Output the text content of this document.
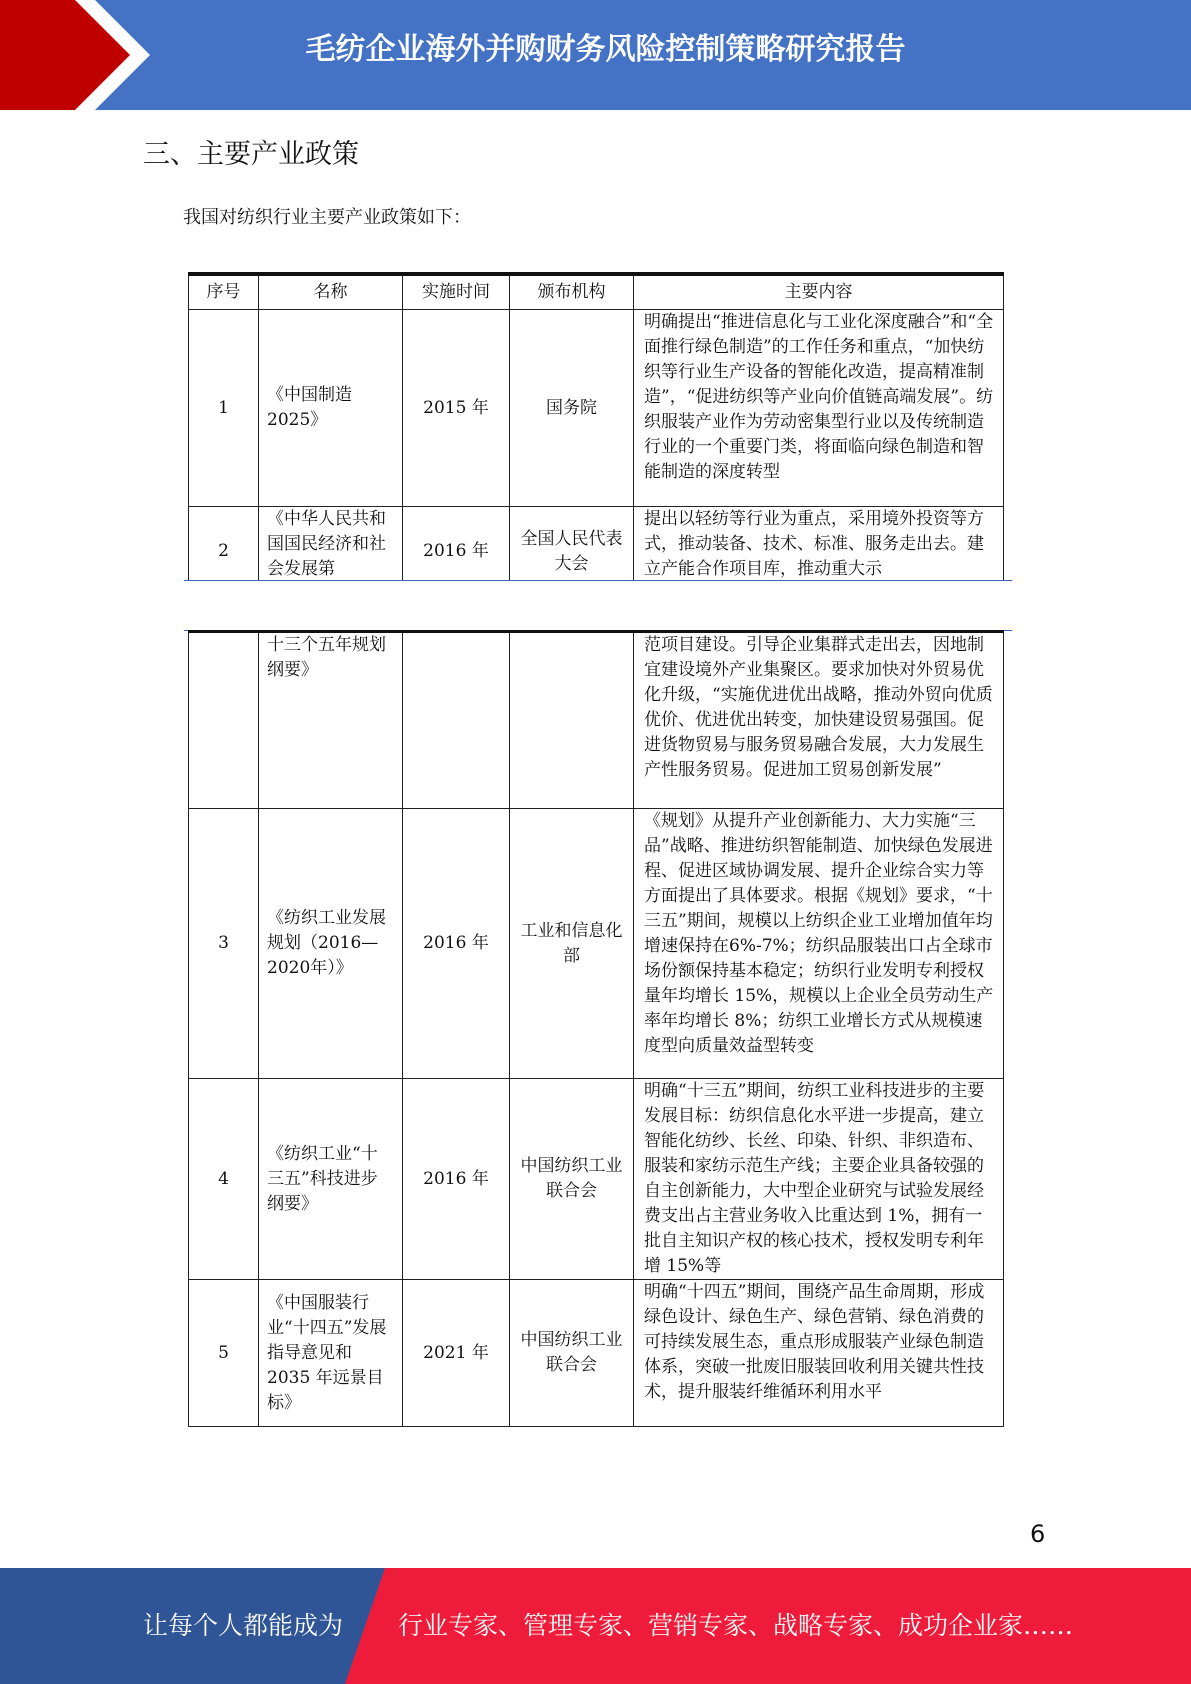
毛纺企业海外并购财务风险控制策略研究报告
三、主要产业政策
我国对纺织行业主要产业政策如下：
序号	名称	实施时间	颁布机构	主要内容
1	《中国制造2025》	2015 年	国务院	明确提出“推进信息化与工业化深度融合”和“全面推行绿色制造”的工作任务和重点，“加快纺织等行业生产设备的智能化改造，提高精准制造”，“促进纺织等产业向价值链高端发展”。纺织服装产业作为劳动密集型行业以及传统制造行业的一个重要门类，将面临向绿色制造和智能制造的深度转型
2	《中华人民共和国国民经济和社会发展第	2016 年	全国人民代表大会	提出以轻纺等行业为重点，采用境外投资等方式，推动装备、技术、标准、服务走出去。建立产能合作项目库，推动重大示
	十三个五年规划纲要》			范项目建设。引导企业集群式走出去，因地制宜建设境外产业集聚区。要求加快对外贸易优化升级，“实施优进优出战略，推动外贸向优质优价、优进优出转变，加快建设贸易强国。促进货物贸易与服务贸易融合发展，大力发展生产性服务贸易。促进加工贸易创新发展”
3	《纺织工业发展规划（2016—2020年）》	2016 年	工业和信息化部	《规划》从提升产业创新能力、大力实施“三品”战略、推进纺织智能制造、加快绿色发展进程、促进区域协调发展、提升企业综合实力等方面提出了具体要求。根据《规划》要求，“十三五”期间，规模以上纺织企业工业增加值年均增速保持在6%-7%；纺织品服装出口占全球市场份额保持基本稳定；纺织行业发明专利授权量年均增长 15%，规模以上企业全员劳动生产率年均增长 8%；纺织工业增长方式从规模速度型向质量效益型转变
4	《纺织工业“十三五”科技进步纲要》	2016 年	中国纺织工业联合会	明确“十三五”期间，纺织工业科技进步的主要发展目标：纺织信息化水平进一步提高，建立智能化纺纱、长丝、印染、针织、非织造布、服装和家纺示范生产线；主要企业具备较强的自主创新能力，大中型企业研究与试验发展经费支出占主营业务收入比重达到 1%，拥有一批自主知识产权的核心技术，授权发明专利年增 15%等
5	《中国服装行业“十四五”发展指导意见和 2035 年远景目标》	2021 年	中国纺织工业联合会	明确“十四五”期间，围绕产品生命周期，形成绿色设计、绿色生产、绿色营销、绿色消费的可持续发展生态，重点形成服装产业绿色制造体系，突破一批废旧服装回收利用关键共性技术，提升服装纤维循环利用水平
6
让每个人都能成为 行业专家、管理专家、营销专家、战略专家、成功企业家……
